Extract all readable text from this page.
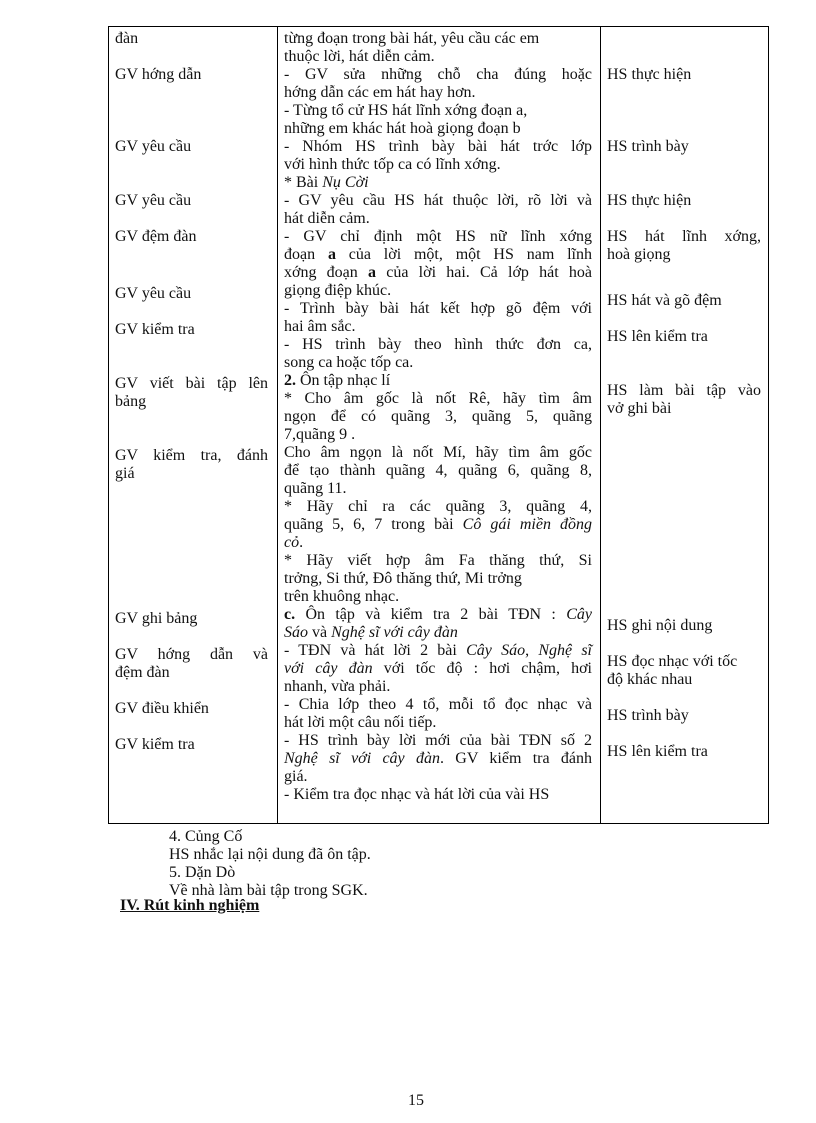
đàn
GV hớng dẫn
GV yêu cầu
GV yêu cầu
GV đệm đàn
GV yêu cầu
GV kiểm tra
GV viết bài tập lên
bảng
GV kiểm tra, đánh
giá
GV ghi bảng
GV hớng dẫn và
đệm đàn
GV điều khiển
GV kiểm tra
từng đoạn trong bài hát, yêu cầu các em
thuộc lời, hát diễn cảm.
- GV sửa những chỗ cha đúng hoặc
hớng dẫn các em hát hay hơn.
- Từng tổ cử HS hát lĩnh xớng đoạn a,
những em khác hát hoà giọng đoạn b
- Nhóm HS trình bày bài hát trớc lớp
với hình thức tốp ca có lĩnh xớng.
* Bài Nụ Cời
- GV yêu cầu HS hát thuộc lời, rõ lời và
hát diễn cảm.
- GV chỉ định một HS nữ lĩnh xớng
đoạn a của lời một, một HS nam lĩnh
xớng đoạn a của lời hai. Cả lớp hát hoà
giọng điệp khúc.
- Trình bày bài hát kết hợp gõ đệm với
hai âm sắc.
- HS trình bày theo hình thức đơn ca,
song ca hoặc tốp ca.
2. Ôn tập nhạc lí
* Cho âm gốc là nốt Rê, hãy tìm âm
ngọn để có quãng 3, quãng 5, quãng
7,quãng 9 .
Cho âm ngọn là nốt Mí, hãy tìm âm gốc
để tạo thành quãng 4, quãng 6, quãng 8,
quãng 11.
* Hãy chỉ ra các quãng 3, quãng 4,
quãng 5, 6, 7 trong bài Cô gái miền đồng
cỏ.
* Hãy viết hợp âm Fa thăng thứ, Si
trởng, Si thứ, Đô thăng thứ, Mi trởng
trên khuông nhạc.
c. Ôn tập và kiểm tra 2 bài TĐN : Cây
Sáo và Nghệ sĩ với cây đàn
- TĐN và hát lời 2 bài Cây Sáo, Nghệ sĩ
với cây đàn với tốc độ : hơi chậm, hơi
nhanh, vừa phải.
- Chia lớp theo 4 tổ, mỗi tổ đọc nhạc và
hát lời một câu nối tiếp.
- HS trình bày lời mới của bài TĐN số 2
Nghệ sĩ với cây đàn. GV kiểm tra đánh
giá.
- Kiểm tra đọc nhạc và hát lời của vài HS
HS thực hiện
HS trình bày
HS thực hiện
HS hát lĩnh xớng,
hoà giọng
HS hát và gõ đệm
HS lên kiểm tra
HS làm bài tập vào
vở ghi bài
HS ghi nội dung
HS đọc nhạc với tốc
độ khác nhau
HS trình bày
HS lên kiểm tra
IV. Rút kinh nghiệm
15
4. Củng Cố
HS nhắc lại nội dung đã ôn tập.
5. Dặn Dò
Về nhà làm bài tập trong SGK.
